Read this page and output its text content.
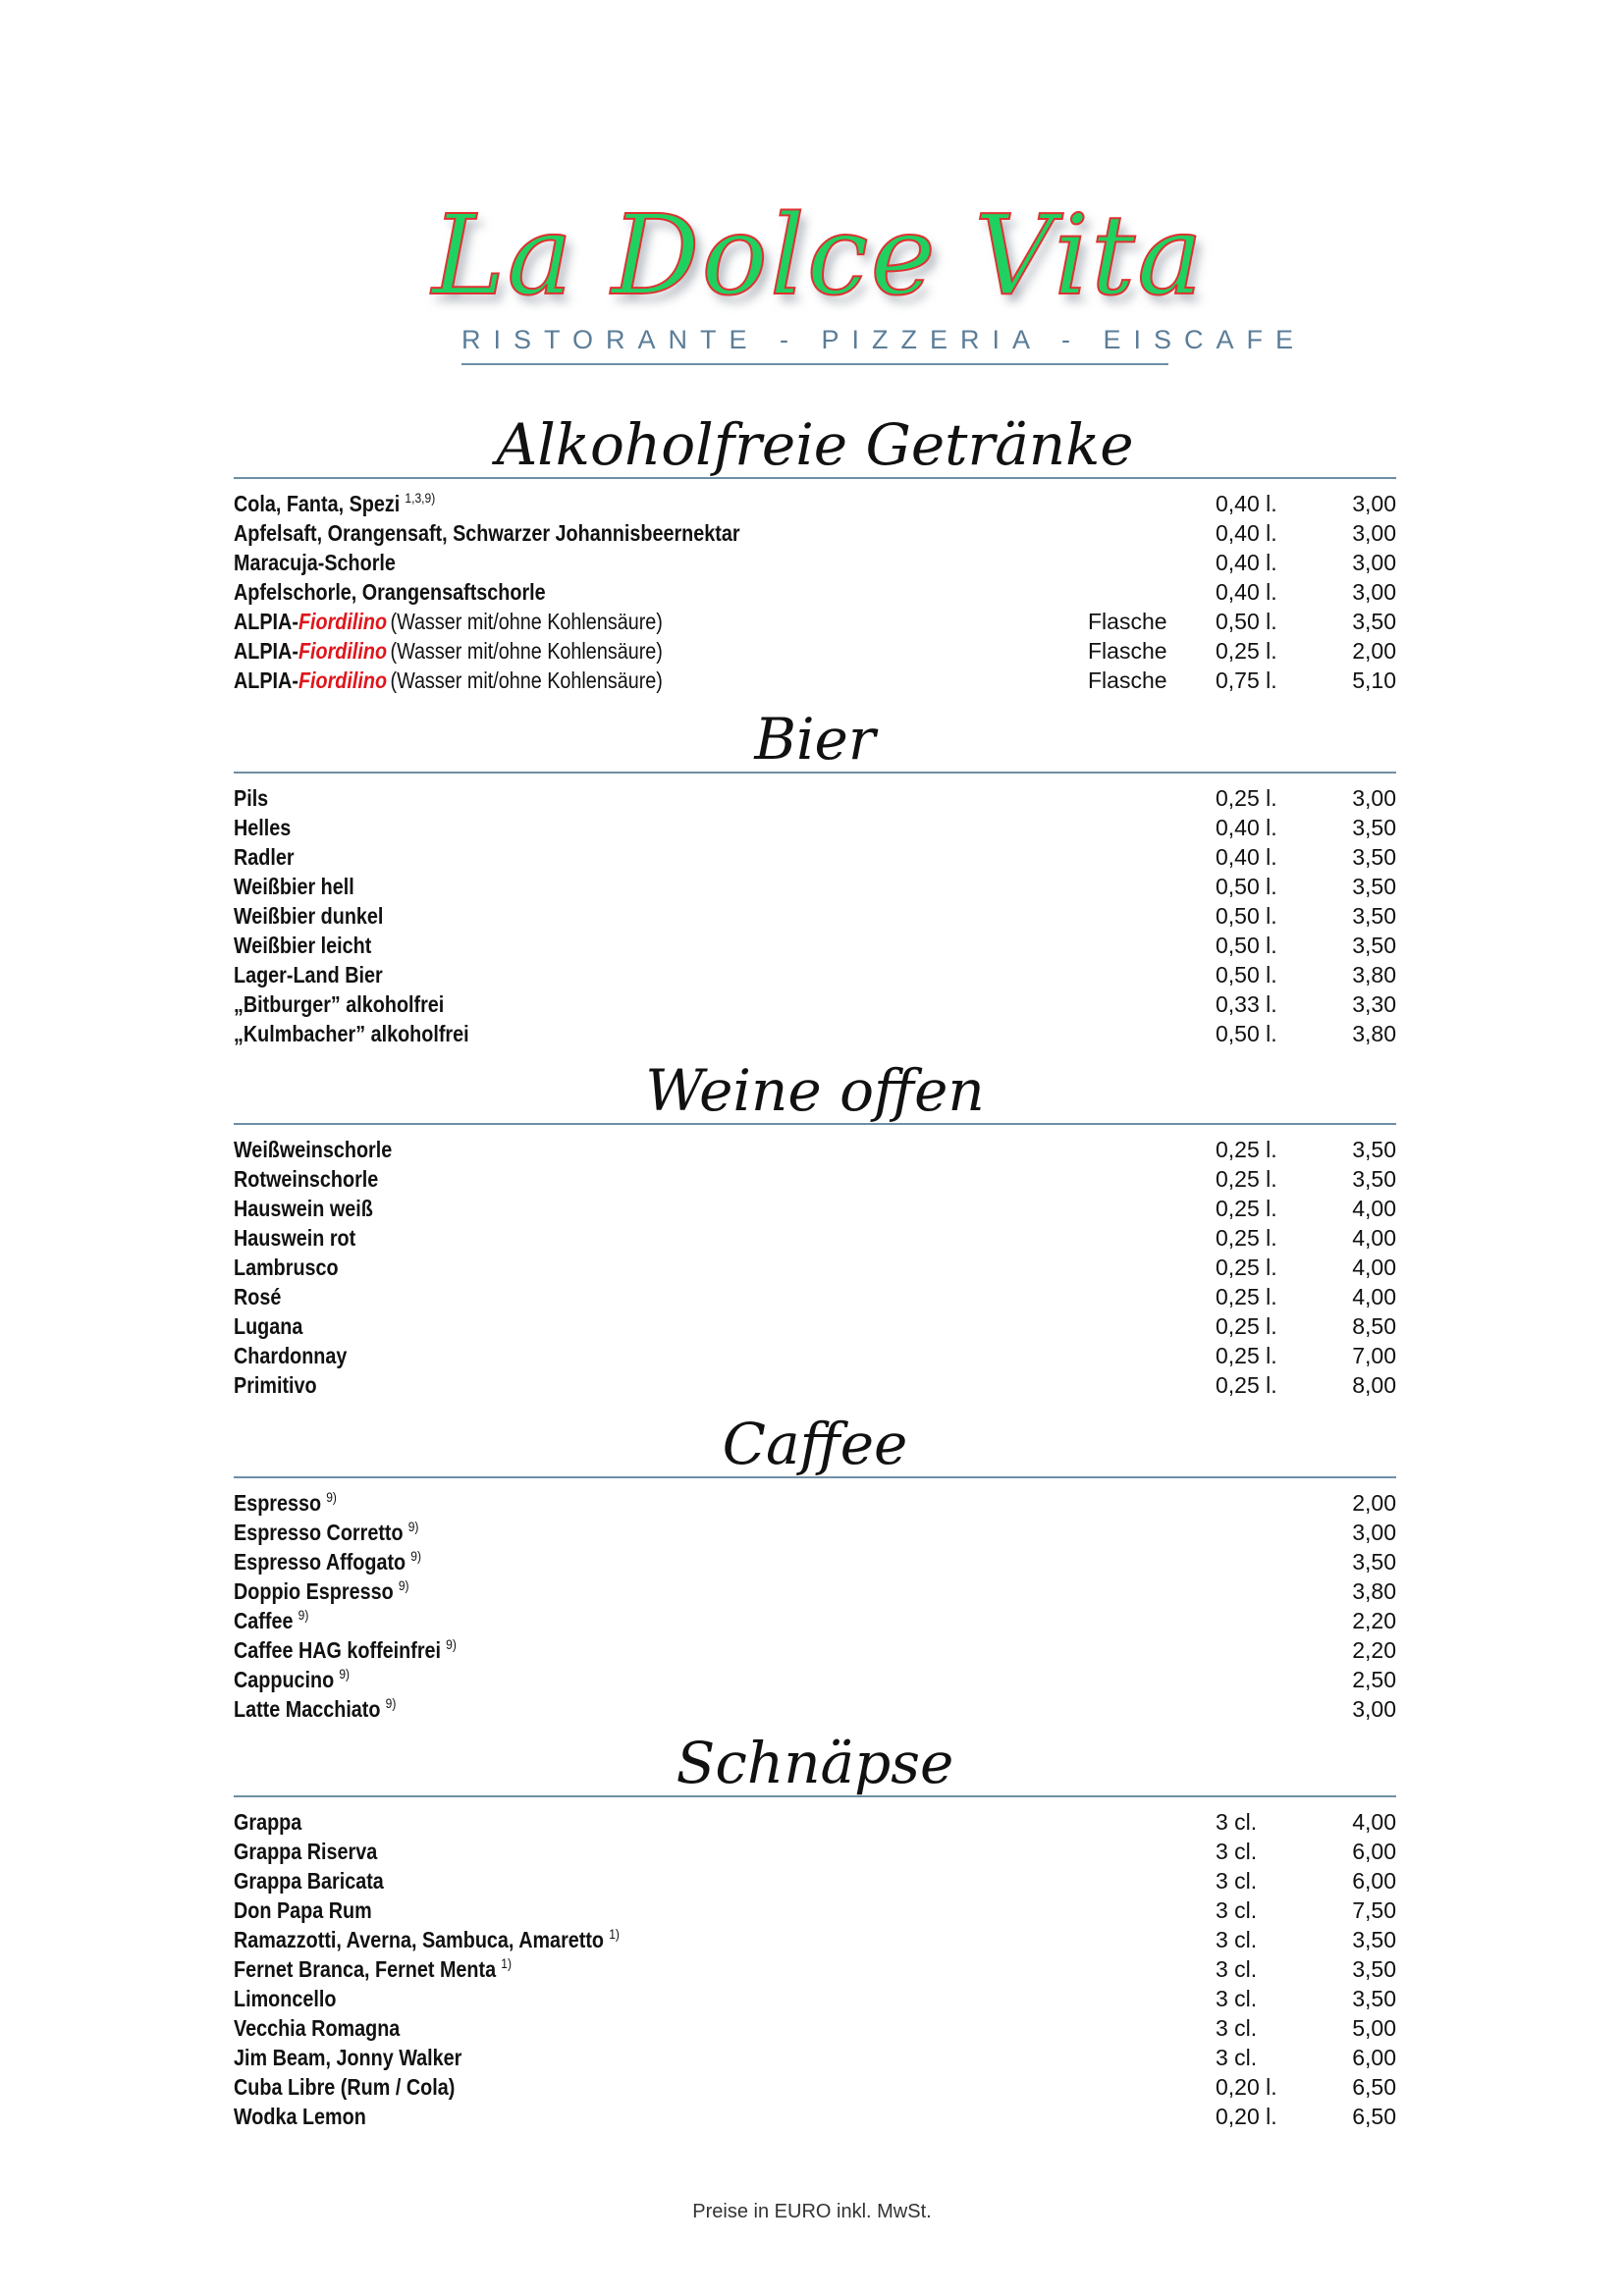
La Dolce Vita
RISTORANTE - PIZZERIA - EISCAFE
Alkoholfreie Getränke
Cola, Fanta, Spezi $^{1,3,9)}$	0,40 l.	3,00
Apfelsaft, Orangensaft, Schwarzer Johannisbeernektar	0,40 l.	3,00
Maracuja-Schorle	0,40 l.	3,00
Apfelschorle, Orangensaftschorle	0,40 l.	3,00
ALPIA-Fiordilino (Wasser mit/ohne Kohlensäure)	Flasche 0,50 l.	3,50
ALPIA-Fiordilino (Wasser mit/ohne Kohlensäure)	Flasche 0,25 l.	2,00
ALPIA-Fiordilino (Wasser mit/ohne Kohlensäure)	Flasche 0,75 l.	5,10
Bier
Pils	0,25 l.	3,00
Helles	0,40 l.	3,50
Radler	0,40 l.	3,50
Weißbier hell	0,50 l.	3,50
Weißbier dunkel	0,50 l.	3,50
Weißbier leicht	0,50 l.	3,50
Lager-Land Bier	0,50 l.	3,80
„Bitburger” alkoholfrei	0,33 l.	3,30
„Kulmbacher” alkoholfrei	0,50 l.	3,80
Weine offen
Weißweinschorle	0,25 l.	3,50
Rotweinschorle	0,25 l.	3,50
Hauswein weiß	0,25 l.	4,00
Hauswein rot	0,25 l.	4,00
Lambrusco	0,25 l.	4,00
Rosé	0,25 l.	4,00
Lugana	0,25 l.	8,50
Chardonnay	0,25 l.	7,00
Primitivo	0,25 l.	8,00
Caffee
Espresso $^{9)}$	2,00
Espresso Corretto $^{9)}$	3,00
Espresso Affogato $^{9)}$	3,50
Doppio Espresso $^{9)}$	3,80
Caffee $^{9)}$	2,20
Caffee HAG koffeinfrei $^{9)}$	2,20
Cappucino $^{9)}$	2,50
Latte Macchiato $^{9)}$	3,00
Schnäpse
Grappa	3 cl.	4,00
Grappa Riserva	3 cl.	6,00
Grappa Baricata	3 cl.	6,00
Don Papa Rum	3 cl.	7,50
Ramazzotti, Averna, Sambuca, Amaretto $^{1)}$	3 cl.	3,50
Fernet Branca, Fernet Menta $^{1)}$	3 cl.	3,50
Limoncello	3 cl.	3,50
Vecchia Romagna	3 cl.	5,00
Jim Beam, Jonny Walker	3 cl.	6,00
Cuba Libre (Rum / Cola)	0,20 l.	6,50
Wodka Lemon	0,20 l.	6,50
Preise in EURO inkl. MwSt.
